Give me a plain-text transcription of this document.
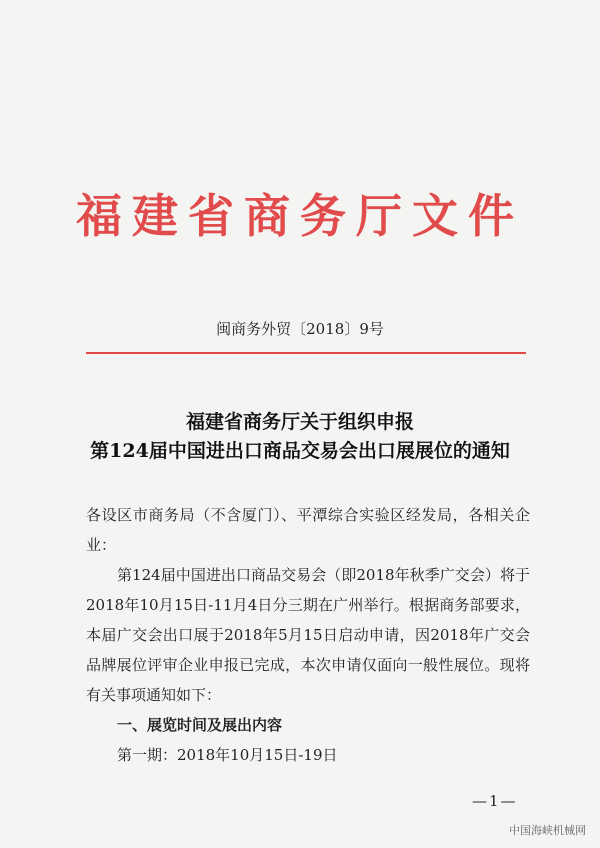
福建省商务厅文件
闽商务外贸〔2018〕9号
福建省商务厅关于组织申报
第124届中国进出口商品交易会出口展展位的通知

各设区市商务局（不含厦门）、平潭综合实验区经发局，各相关企业：

第124届中国进出口商品交易会（即2018年秋季广交会）将于2018年10月15日-11月4日分三期在广州举行。根据商务部要求，本届广交会出口展于2018年5月15日启动申请，因2018年广交会品牌展位评审企业申报已完成，本次申请仅面向一般性展位。现将有关事项通知如下：

一、展览时间及展出内容

第一期：2018年10月15日-19日

—1—
中国海峡机械网
